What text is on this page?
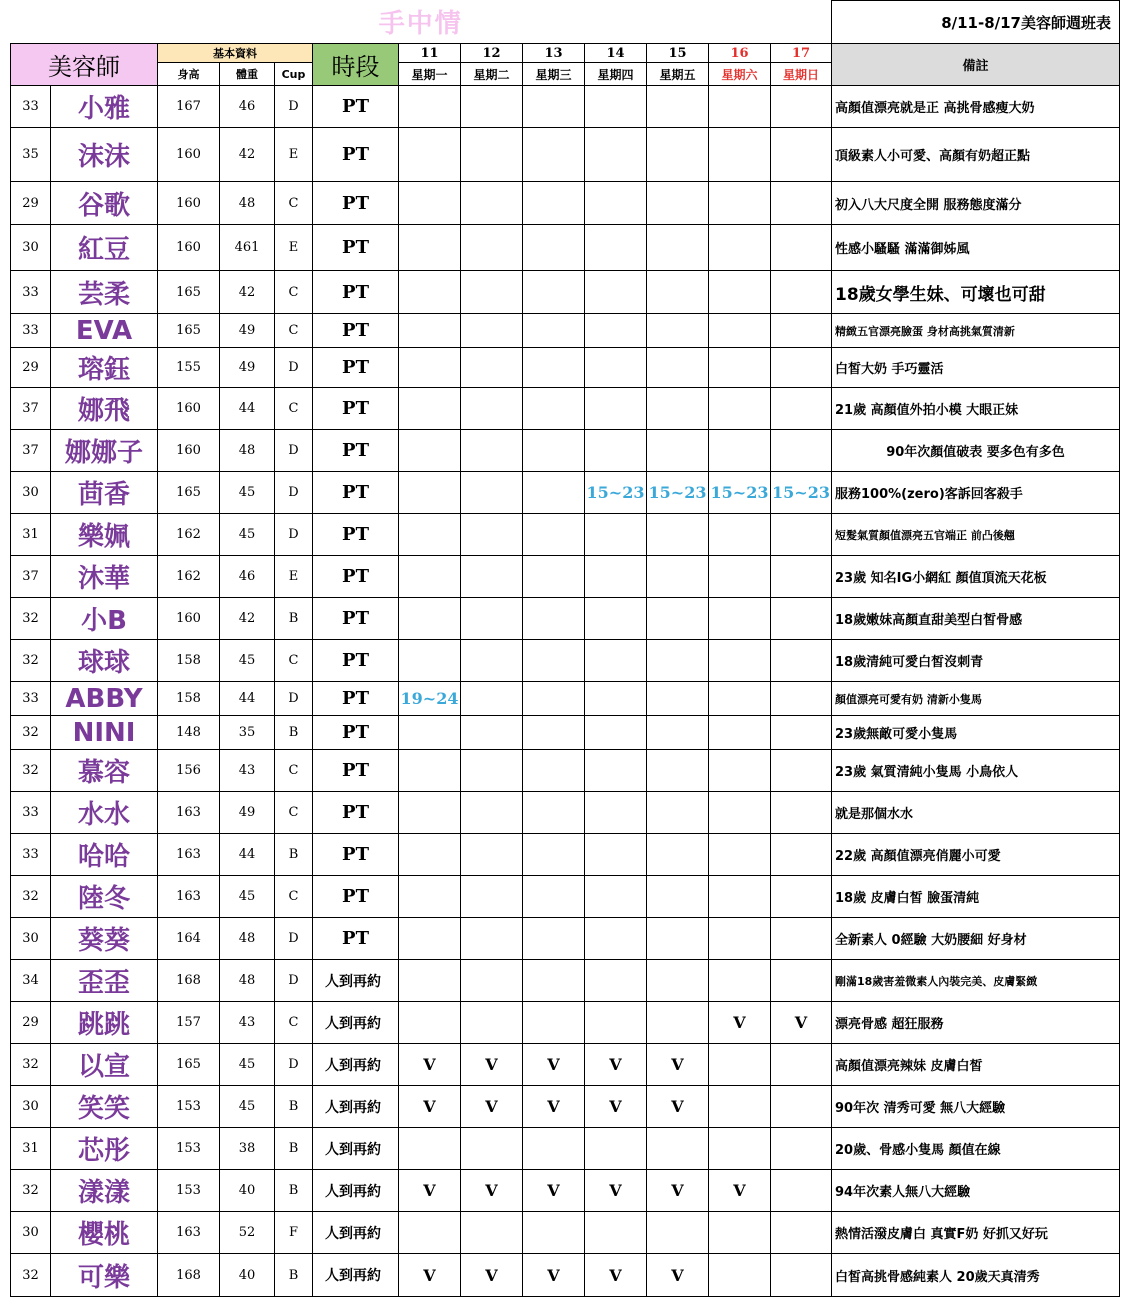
手中情													8/11-8/17美容師週班表
美容師		基本資料			時段	11	12	13	14	15	16	17	備註
		身高	體重	Cup		星期一	星期二	星期三	星期四	星期五	星期六	星期日	
33	小雅	167	46	D	PT								高顏值漂亮就是正 高挑骨感瘦大奶
35	沫沫	160	42	E	PT								頂級素人小可愛、高顏有奶超正點
29	谷歌	160	48	C	PT								初入八大尺度全開 服務態度滿分
30	紅豆	160	461	E	PT								性感小騷騷 滿滿御姊風
33	芸柔	165	42	C	PT								18歲女學生妹、可壞也可甜
33	EVA	165	49	C	PT								精緻五官漂亮臉蛋 身材高挑氣質清新
29	瑢鈺	155	49	D	PT								白皙大奶 手巧靈活
37	娜飛	160	44	C	PT								21歲 高顏值外拍小模 大眼正妹
37	娜娜子	160	48	D	PT								90年次顏值破表 要多色有多色
30	茴香	165	45	D	PT				15~23	15~23	15~23	15~23	服務100%(zero)客訴回客殺手
31	樂姵	162	45	D	PT								短髮氣質顏值漂亮五官端正 前凸後翹
37	沐華	162	46	E	PT								23歲 知名IG小網紅 顏值頂流天花板
32	小B	160	42	B	PT								18歲嫩妹高顏直甜美型白皙骨感
32	球球	158	45	C	PT								18歲清純可愛白皙沒刺青
33	ABBY	158	44	D	PT	19~24							顏值漂亮可愛有奶 清新小隻馬
32	NINI	148	35	B	PT								23歲無敵可愛小隻馬
32	慕容	156	43	C	PT								23歲 氣質清純小隻馬 小鳥依人
33	水水	163	49	C	PT								就是那個水水
33	哈哈	163	44	B	PT								22歲 高顏值漂亮俏麗小可愛
32	陸冬	163	45	C	PT								18歲 皮膚白皙 臉蛋清純
30	葵葵	164	48	D	PT								全新素人 0經驗 大奶腰細 好身材
34	歪歪	168	48	D	人到再約								剛滿18歲害羞微素人內裝完美、皮膚緊緻
29	跳跳	157	43	C	人到再約						V	V	漂亮骨感 超狂服務
32	以宣	165	45	D	人到再約	V	V	V	V	V			高顏值漂亮辣妹 皮膚白皙
30	笑笑	153	45	B	人到再約	V	V	V	V	V			90年次 清秀可愛 無八大經驗
31	芯彤	153	38	B	人到再約								20歲、骨感小隻馬 顏值在線
32	漾漾	153	40	B	人到再約	V	V	V	V	V	V		94年次素人無八大經驗
30	櫻桃	163	52	F	人到再約								熱情活潑皮膚白 真實F奶 好抓又好玩
32	可樂	168	40	B	人到再約	V	V	V	V	V			白皙高挑骨感純素人 20歲天真清秀
